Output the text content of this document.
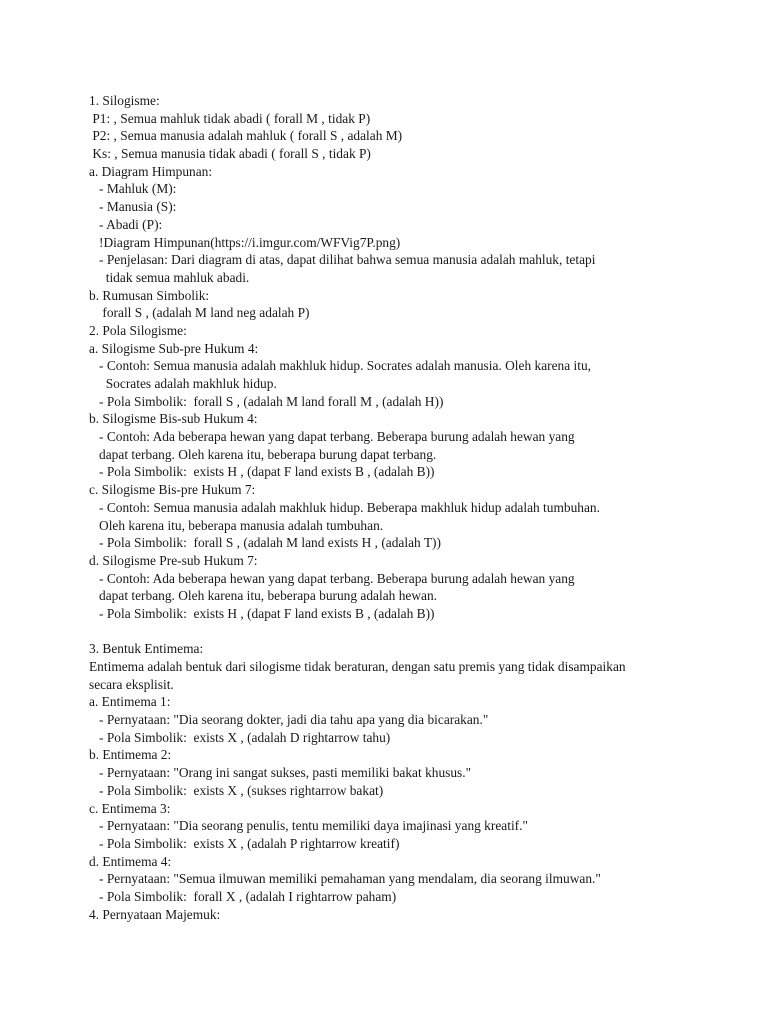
1. Silogisme:
P1: , Semua mahluk tidak abadi ( forall M , tidak P)
P2: , Semua manusia adalah mahluk ( forall S , adalah M)
Ks: , Semua manusia tidak abadi ( forall S , tidak P)
a. Diagram Himpunan:
- Mahluk (M):
- Manusia (S):
- Abadi (P):
!Diagram Himpunan(https://i.imgur.com/WFVig7P.png)
- Penjelasan: Dari diagram di atas, dapat dilihat bahwa semua manusia adalah mahluk, tetapi
tidak semua mahluk abadi.
b. Rumusan Simbolik:
forall S , (adalah M land neg adalah P)
2. Pola Silogisme:
a. Silogisme Sub-pre Hukum 4:
- Contoh: Semua manusia adalah makhluk hidup. Socrates adalah manusia. Oleh karena itu,
Socrates adalah makhluk hidup.
- Pola Simbolik:  forall S , (adalah M land forall M , (adalah H))
b. Silogisme Bis-sub Hukum 4:
- Contoh: Ada beberapa hewan yang dapat terbang. Beberapa burung adalah hewan yang
dapat terbang. Oleh karena itu, beberapa burung dapat terbang.
- Pola Simbolik:  exists H , (dapat F land exists B , (adalah B))
c. Silogisme Bis-pre Hukum 7:
- Contoh: Semua manusia adalah makhluk hidup. Beberapa makhluk hidup adalah tumbuhan.
Oleh karena itu, beberapa manusia adalah tumbuhan.
- Pola Simbolik:  forall S , (adalah M land exists H , (adalah T))
d. Silogisme Pre-sub Hukum 7:
- Contoh: Ada beberapa hewan yang dapat terbang. Beberapa burung adalah hewan yang
dapat terbang. Oleh karena itu, beberapa burung adalah hewan.
- Pola Simbolik:  exists H , (dapat F land exists B , (adalah B))
3. Bentuk Entimema:
Entimema adalah bentuk dari silogisme tidak beraturan, dengan satu premis yang tidak disampaikan
secara eksplisit.
a. Entimema 1:
- Pernyataan: "Dia seorang dokter, jadi dia tahu apa yang dia bicarakan."
- Pola Simbolik:  exists X , (adalah D rightarrow tahu)
b. Entimema 2:
- Pernyataan: "Orang ini sangat sukses, pasti memiliki bakat khusus."
- Pola Simbolik:  exists X , (sukses rightarrow bakat)
c. Entimema 3:
- Pernyataan: "Dia seorang penulis, tentu memiliki daya imajinasi yang kreatif."
- Pola Simbolik:  exists X , (adalah P rightarrow kreatif)
d. Entimema 4:
- Pernyataan: "Semua ilmuwan memiliki pemahaman yang mendalam, dia seorang ilmuwan."
- Pola Simbolik:  forall X , (adalah I rightarrow paham)
4. Pernyataan Majemuk:
